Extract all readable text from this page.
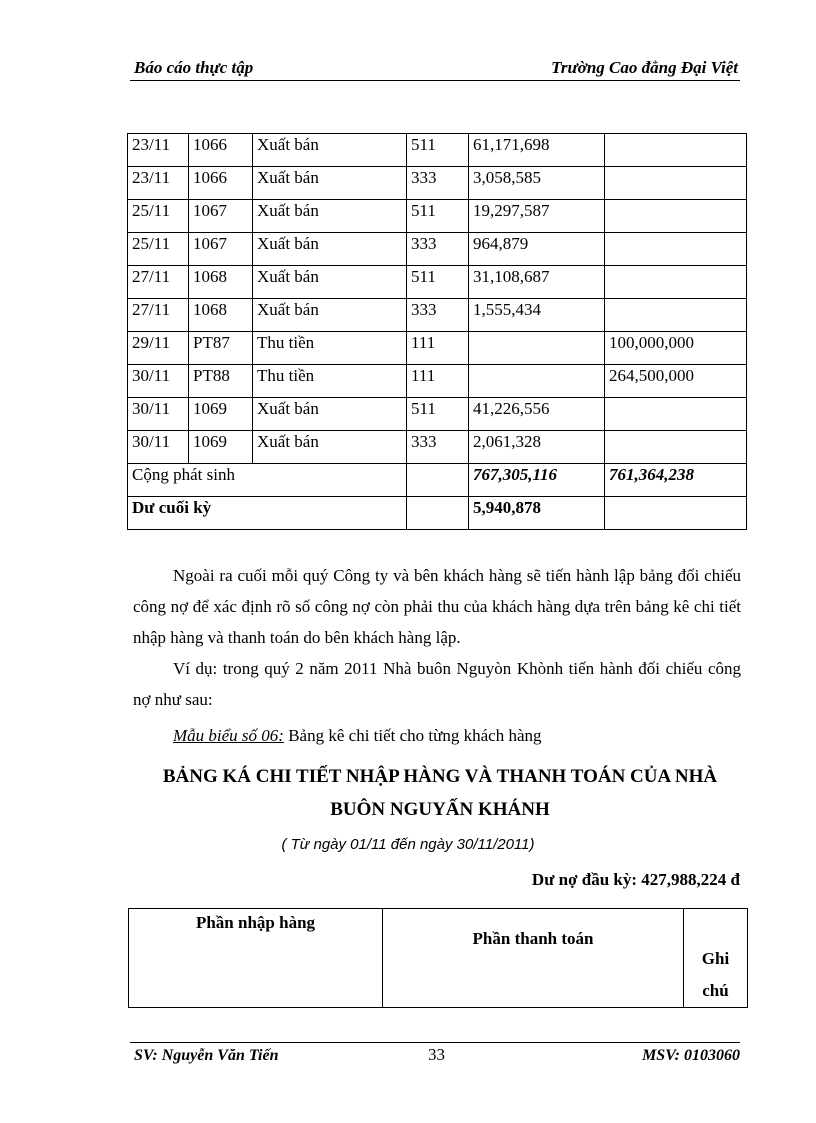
Báo cáo thực tập	Trường Cao đẳng Đại Việt
23/11	1066	Xuất bán	511	61,171,698	
23/11	1066	Xuất bán	333	3,058,585	
25/11	1067	Xuất bán	511	19,297,587	
25/11	1067	Xuất bán	333	964,879	
27/11	1068	Xuất bán	511	31,108,687	
27/11	1068	Xuất bán	333	1,555,434	
29/11	PT87	Thu tiền	111		100,000,000
30/11	PT88	Thu tiền	111		264,500,000
30/11	1069	Xuất bán	511	41,226,556	
30/11	1069	Xuất bán	333	2,061,328	
Cộng phát sinh				767,305,116	761,364,238
Dư cuối kỳ				5,940,878	
Ngoài ra cuối mỗi quý Công ty và bên khách hàng sẽ tiến hành lập bảng đối chiếu công nợ để xác định rõ số công nợ còn phải thu của khách hàng dựa trên bảng kê chi tiết nhập hàng và thanh toán do bên khách hàng lập.
Ví dụ: trong quý 2 năm 2011 Nhà buôn Nguyòn Khònh tiến hành đối chiếu công nợ như sau:
Mẫu biểu số 06: Bảng kê chi tiết cho từng khách hàng
BẢNG KÁ CHI TIẾT NHẬP HÀNG VÀ THANH TOÁN CỦA NHÀ
BUÔN NGUYẤN KHÁNH
( Từ ngày 01/11 đến ngày 30/11/2011)
Dư nợ đầu kỳ: 427,988,224 đ
Phần nhập hàng

Phần thanh toán

Ghi
chú
SV: Nguyễn Văn Tiến	33	MSV: 0103060
